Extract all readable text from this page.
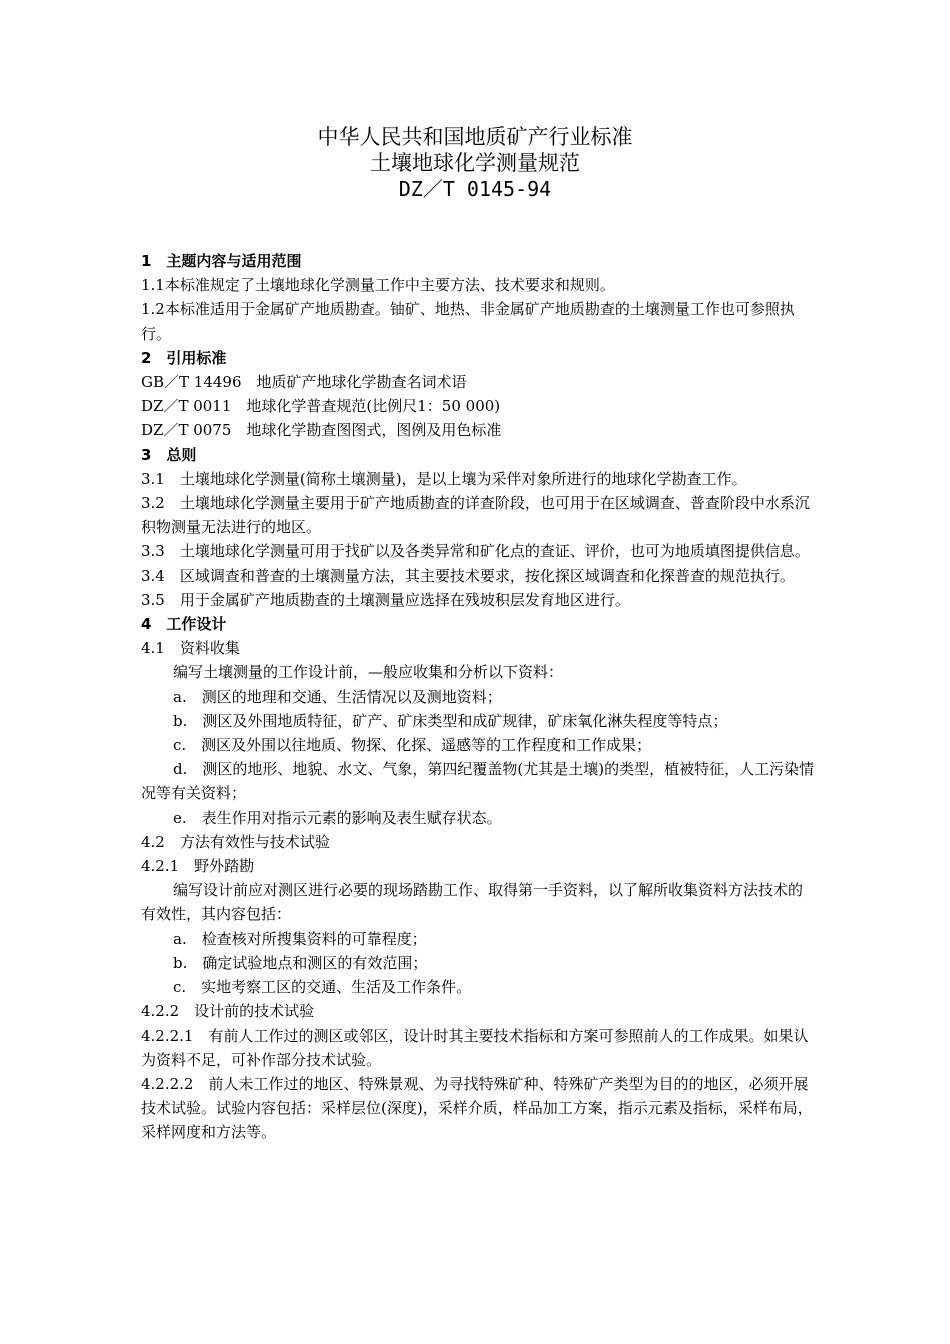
中华人民共和国地质矿产行业标准

土壤地球化学测量规范

DZ／T 0145-94

1　主题内容与适用范围

1.1本标准规定了土壤地球化学测量工作中主要方法、技术要求和规则。

1.2本标准适用于金属矿产地质勘查。铀矿、地热、非金属矿产地质勘查的土壤测量工作也可参照执行。

2　引用标准

GB／T 14496　地质矿产地球化学勘查名词术语

DZ／T 0011　地球化学普查规范(比例尺1：50 000)

DZ／T 0075　地球化学勘查图图式，图例及用色标准

3　总则

3.1　土壤地球化学测量(简称土壤测量)，是以上壤为采伴对象所进行的地球化学勘查工作。

3.2　土壤地球化学测量主要用于矿产地质勘查的详查阶段，也可用于在区域调查、普查阶段中水系沉积物测量无法进行的地区。

3.3　土壤地球化学测量可用于找矿以及各类异常和矿化点的查证、评价，也可为地质填图提供信息。

3.4　区域调查和普查的土壤测量方法，其主要技术要求，按化探区域调查和化探普查的规范执行。

3.5　用于金属矿产地质勘查的土壤测量应选择在残坡积层发育地区进行。

4　工作设计

4.1　资料收集

编写土壤测量的工作设计前，—般应收集和分析以下资料：

a.　测区的地理和交通、生活情况以及测地资料；

b.　测区及外围地质特征，矿产、矿床类型和成矿规律，矿床氧化淋失程度等特点；

c.　测区及外围以往地质、物探、化探、遥感等的工作程度和工作成果；

d.　测区的地形、地貌、水文、气象，第四纪覆盖物(尤其是土壤)的类型，植被特征，人工污染情况等有关资料；

e.　表生作用对指示元素的影响及表生赋存状态。

4.2　方法有效性与技术试验

4.2.1　野外踏勘

编写设计前应对测区进行必要的现场踏勘工作、取得第一手资料，以了解所收集资料方法技术的有效性，其内容包括：

a.　检查核对所搜集资料的可靠程度；

b.　确定试验地点和测区的有效范围；

c.　实地考察工区的交通、生活及工作条件。

4.2.2　设计前的技术试验

4.2.2.1　有前人工作过的测区或邻区，设计时其主要技术指标和方案可参照前人的工作成果。如果认为资料不足，可补作部分技术试验。

4.2.2.2　前人未工作过的地区、特殊景观、为寻找特殊矿种、特殊矿产类型为目的的地区，必须开展技术试验。试验内容包括：采样层位(深度)，采样介质，样品加工方案，指示元素及指标，采样布局，采样网度和方法等。
